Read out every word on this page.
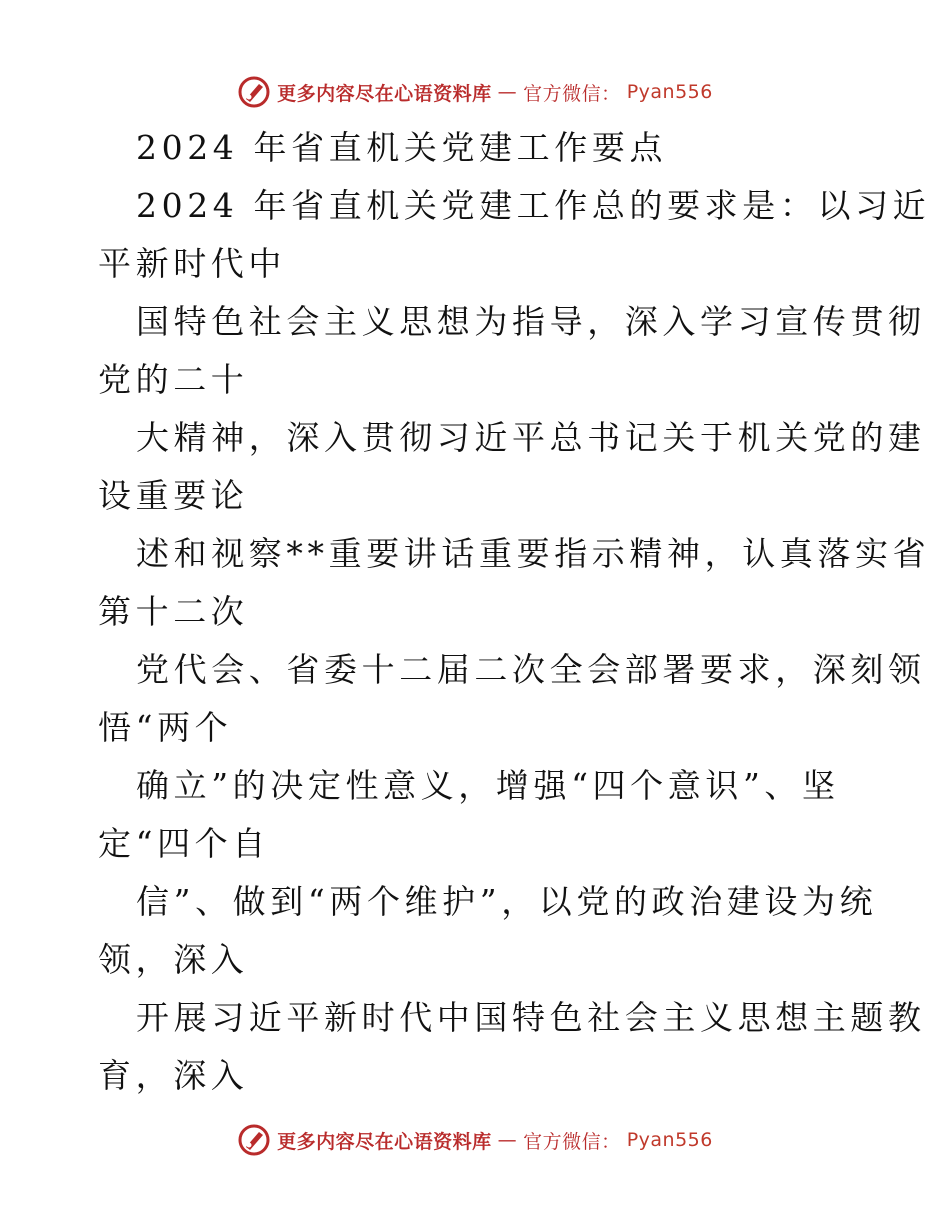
更多内容尽在心语资料库 — 官方微信： Pyan556
2024 年省直机关党建工作要点
2024 年省直机关党建工作总的要求是：以习近
平新时代中
国特色社会主义思想为指导，深入学习宣传贯彻
党的二十
大精神，深入贯彻习近平总书记关于机关党的建
设重要论
述和视察**重要讲话重要指示精神，认真落实省
第十二次
党代会、省委十二届二次全会部署要求，深刻领
悟“两个
确立”的决定性意义，增强“四个意识”、坚
定“四个自
信”、做到“两个维护”，以党的政治建设为统
领，深入
开展习近平新时代中国特色社会主义思想主题教
育，深入
更多内容尽在心语资料库 — 官方微信： Pyan556
